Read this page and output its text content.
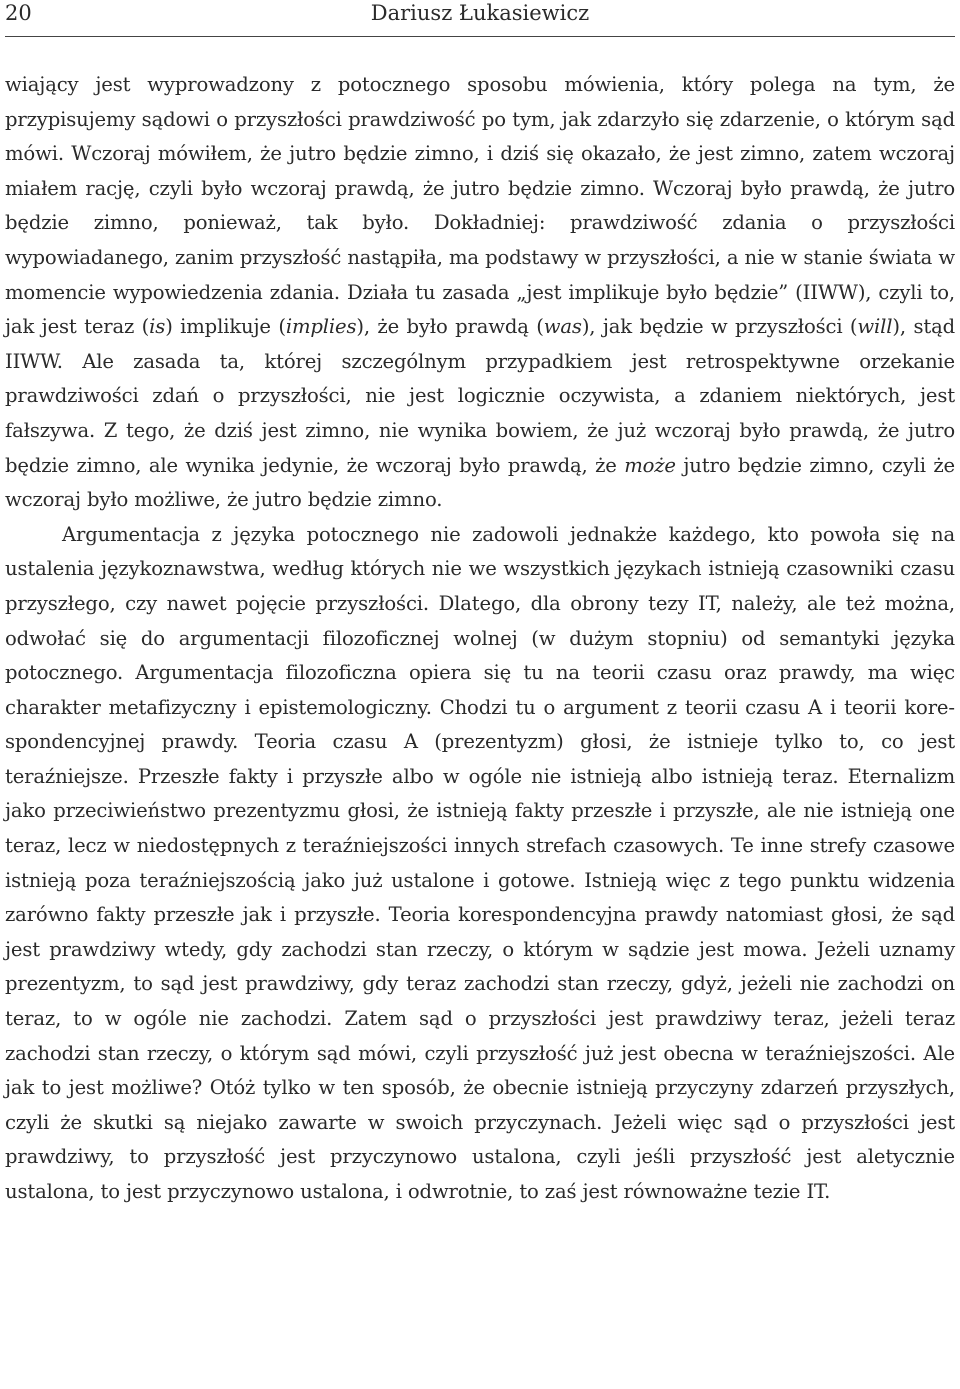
20	Dariusz Łukasiewicz

wiający jest wyprowadzony z potocznego sposobu mówienia, który polega na tym, że przypisujemy sądowi o przyszłości prawdziwość po tym, jak zdarzyło się zdarzenie, o którym sąd mówi. Wczoraj mówiłem, że jutro będzie zimno, i dziś się okazało, że jest zimno, zatem wczoraj miałem rację, czyli było wczoraj prawdą, że jutro będzie zimno. Wczoraj było prawdą, że jutro będzie zimno, ponieważ, tak było. Dokładniej: prawdziwość zdania o przyszłości wypowiadanego, zanim przyszłość nastąpiła, ma podstawy w przyszłości, a nie w stanie świata w momencie wypowiedzenia zdania. Działa tu zasada „jest implikuje było będzie” (IIWW), czyli to, jak jest teraz (is) implikuje (implies), że było prawdą (was), jak będzie w przyszłości (will), stąd IIWW. Ale zasada ta, której szczególnym przypadkiem jest retrospektywne orzekanie prawdziwości zdań o przyszłości, nie jest logicznie oczywista, a zdaniem niektórych, jest fałszywa. Z tego, że dziś jest zimno, nie wynika bowiem, że już wczoraj było prawdą, że jutro będzie zimno, ale wynika jedynie, że wczoraj było prawdą, że może jutro będzie zimno, czyli że wczoraj było możliwe, że jutro będzie zimno.

Argumentacja z języka potocznego nie zadowoli jednakże każdego, kto powoła się na ustalenia językoznawstwa, według których nie we wszystkich językach istnieją czasowniki czasu przyszłego, czy nawet pojęcie przyszłości. Dlatego, dla obrony tezy IT, należy, ale też można, odwołać się do argumentacji filozoficznej wolnej (w dużym stopniu) od semantyki języka potocznego. Argumentacja filozoficzna opiera się tu na teorii czasu oraz prawdy, ma więc charakter metafizyczny i epistemologiczny. Chodzi tu o argument z teorii czasu A i teorii korespondencyjnej prawdy. Teoria czasu A (prezentyzm) głosi, że istnieje tylko to, co jest teraźniejsze. Przeszłe fakty i przyszłe albo w ogóle nie istnieją albo istnieją teraz. Eternalizm jako przeciwieństwo prezentyzmu głosi, że istnieją fakty przeszłe i przyszłe, ale nie istnieją one teraz, lecz w niedostępnych z teraźniejszości innych strefach czasowych. Te inne strefy czasowe istnieją poza teraźniejszością jako już ustalone i gotowe. Istnieją więc z tego punktu widzenia zarówno fakty przeszłe jak i przyszłe. Teoria korespondencyjna prawdy natomiast głosi, że sąd jest prawdziwy wtedy, gdy zachodzi stan rzeczy, o którym w sądzie jest mowa. Jeżeli uznamy prezentyzm, to sąd jest prawdziwy, gdy teraz zachodzi stan rzeczy, gdyż, jeżeli nie zachodzi on teraz, to w ogóle nie zachodzi. Zatem sąd o przyszłości jest prawdziwy teraz, jeżeli teraz zachodzi stan rzeczy, o którym sąd mówi, czyli przyszłość już jest obecna w teraźniejszości. Ale jak to jest możliwe? Otóż tylko w ten sposób, że obecnie istnieją przyczyny zdarzeń przyszłych, czyli że skutki są niejako zawarte w swoich przyczynach. Jeżeli więc sąd o przyszłości jest prawdziwy, to przyszłość jest przyczynowo ustalona, czyli jeśli przyszłość jest aletycznie ustalona, to jest przyczynowo ustalona, i odwrotnie, to zaś jest równoważne tezie IT.
